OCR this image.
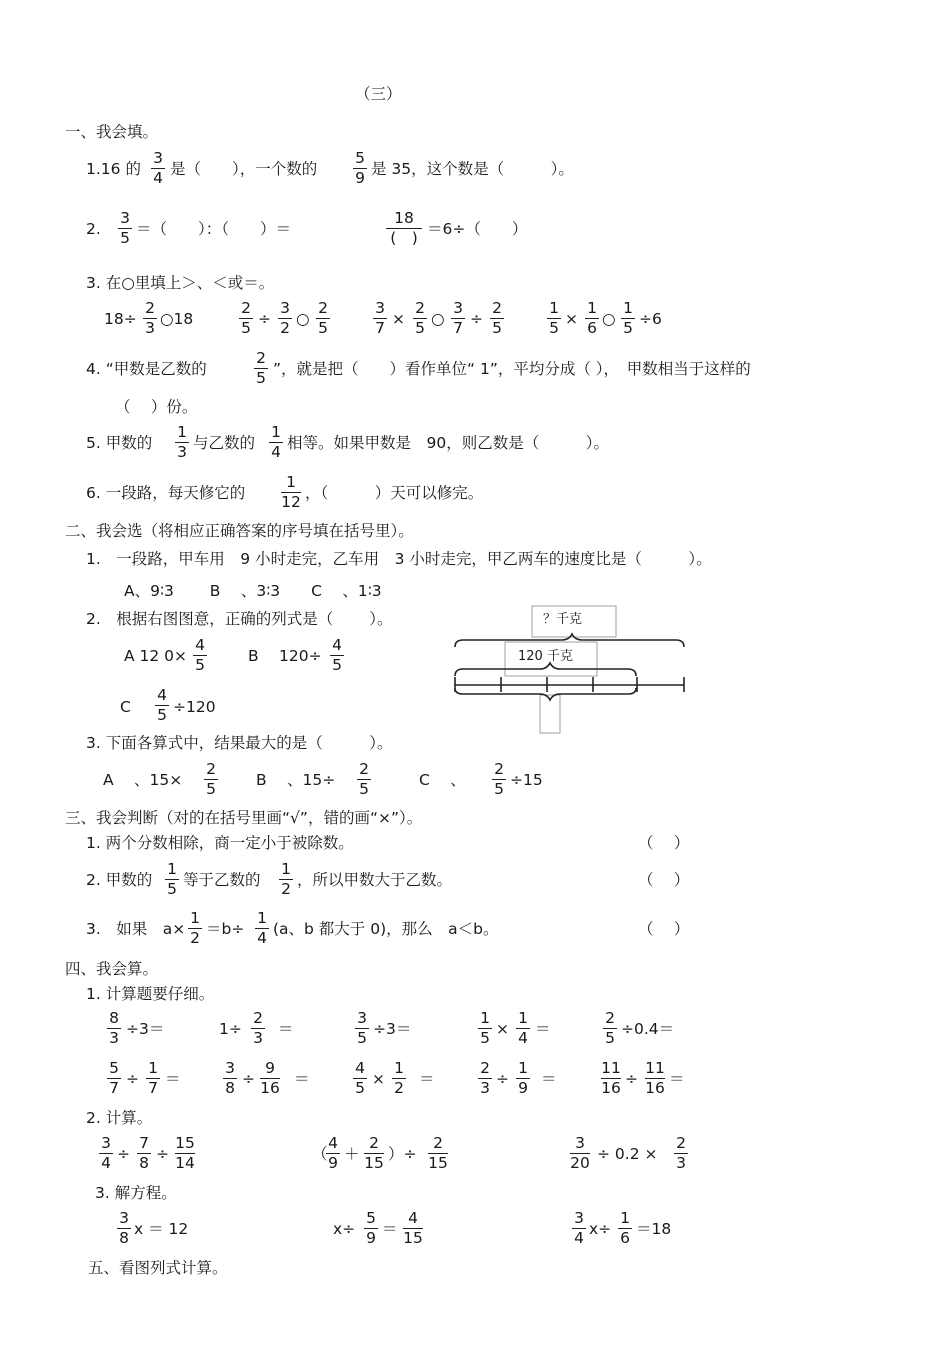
（三）
一、我会填。
1.16 的
3
4 是（　　），一个数的
5
9 是 35，这个数是（　　　）。
2.
3
5 ＝（　　）：（　　）＝
18
(　) ＝6÷（　　）
3. 在○里填上＞、＜或＝。
18÷
2
3 ○18
2
5 ÷
3
2 ○
2
5
3
7 ×
2
5 ○
3
7 ÷
2
5
1
5 ×
1
6 ○
1
5 ÷6
4. “甲数是乙数的
2
5 ”，就是把（　　）看作单位“ 1”，平均分成（ ），　甲数相当于这样的
（　 ）份。
5. 甲数的
1
3 与乙数的
1
4 相等。如果甲数是　90，则乙数是（　　　）。
6. 一段路，每天修它的
1
12 ，（　　　）天可以修完。
二、我会选（将相应正确答案的序号填在括号里）。
1.　一段路，甲车用　9 小时走完，乙车用　3 小时走完，甲乙两车的速度比是（　　　）。
A、9∶3　　 B　 、3∶3　　C　 、1∶3
2.　根据右图图意，正确的列式是（　　 ）。
A 12 0×
4
5	B　 120÷
4
5
C
4
5 ÷120
？千克
120 千克
3. 下面各算式中，结果最大的是（　　　）。
A　 、15×
2
5	B　 、15÷
2
5	C　 、
2
5 ÷15
三、我会判断（对的在括号里画“√”，错的画“×”）。
1. 两个分数相除，商一定小于被除数。	（　 ）
2. 甲数的
1
5 等于乙数的
1
2 ，所以甲数大于乙数。	（　 ）
3.　如果　a×
1
2 ＝b÷
1
4 (a、b 都大于 0)，那么　a＜b。	（　 ）
四、我会算。
1. 计算题要仔细。
8
3 ÷3＝	1÷
2
3 ＝
3
5 ÷3＝
1
5 ×
1
4 ＝
2
5 ÷0.4＝
5
7 ÷
1
7 ＝
3
8 ÷
9
16 ＝
4
5 ×
1
2 ＝
2
3 ÷
1
9 ＝
11
16 ÷
11
16 ＝
2. 计算。
3
4 ÷
7
8 ÷
15
14	（
4
9 ＋
2
15 ）÷
2
15
3
20 ÷ 0.2 ×
2
3
3. 解方程。
3
8 x ＝ 12	x÷
5
9 ＝
4
15
3
4 x÷
1
6 ＝18
五、看图列式计算。
